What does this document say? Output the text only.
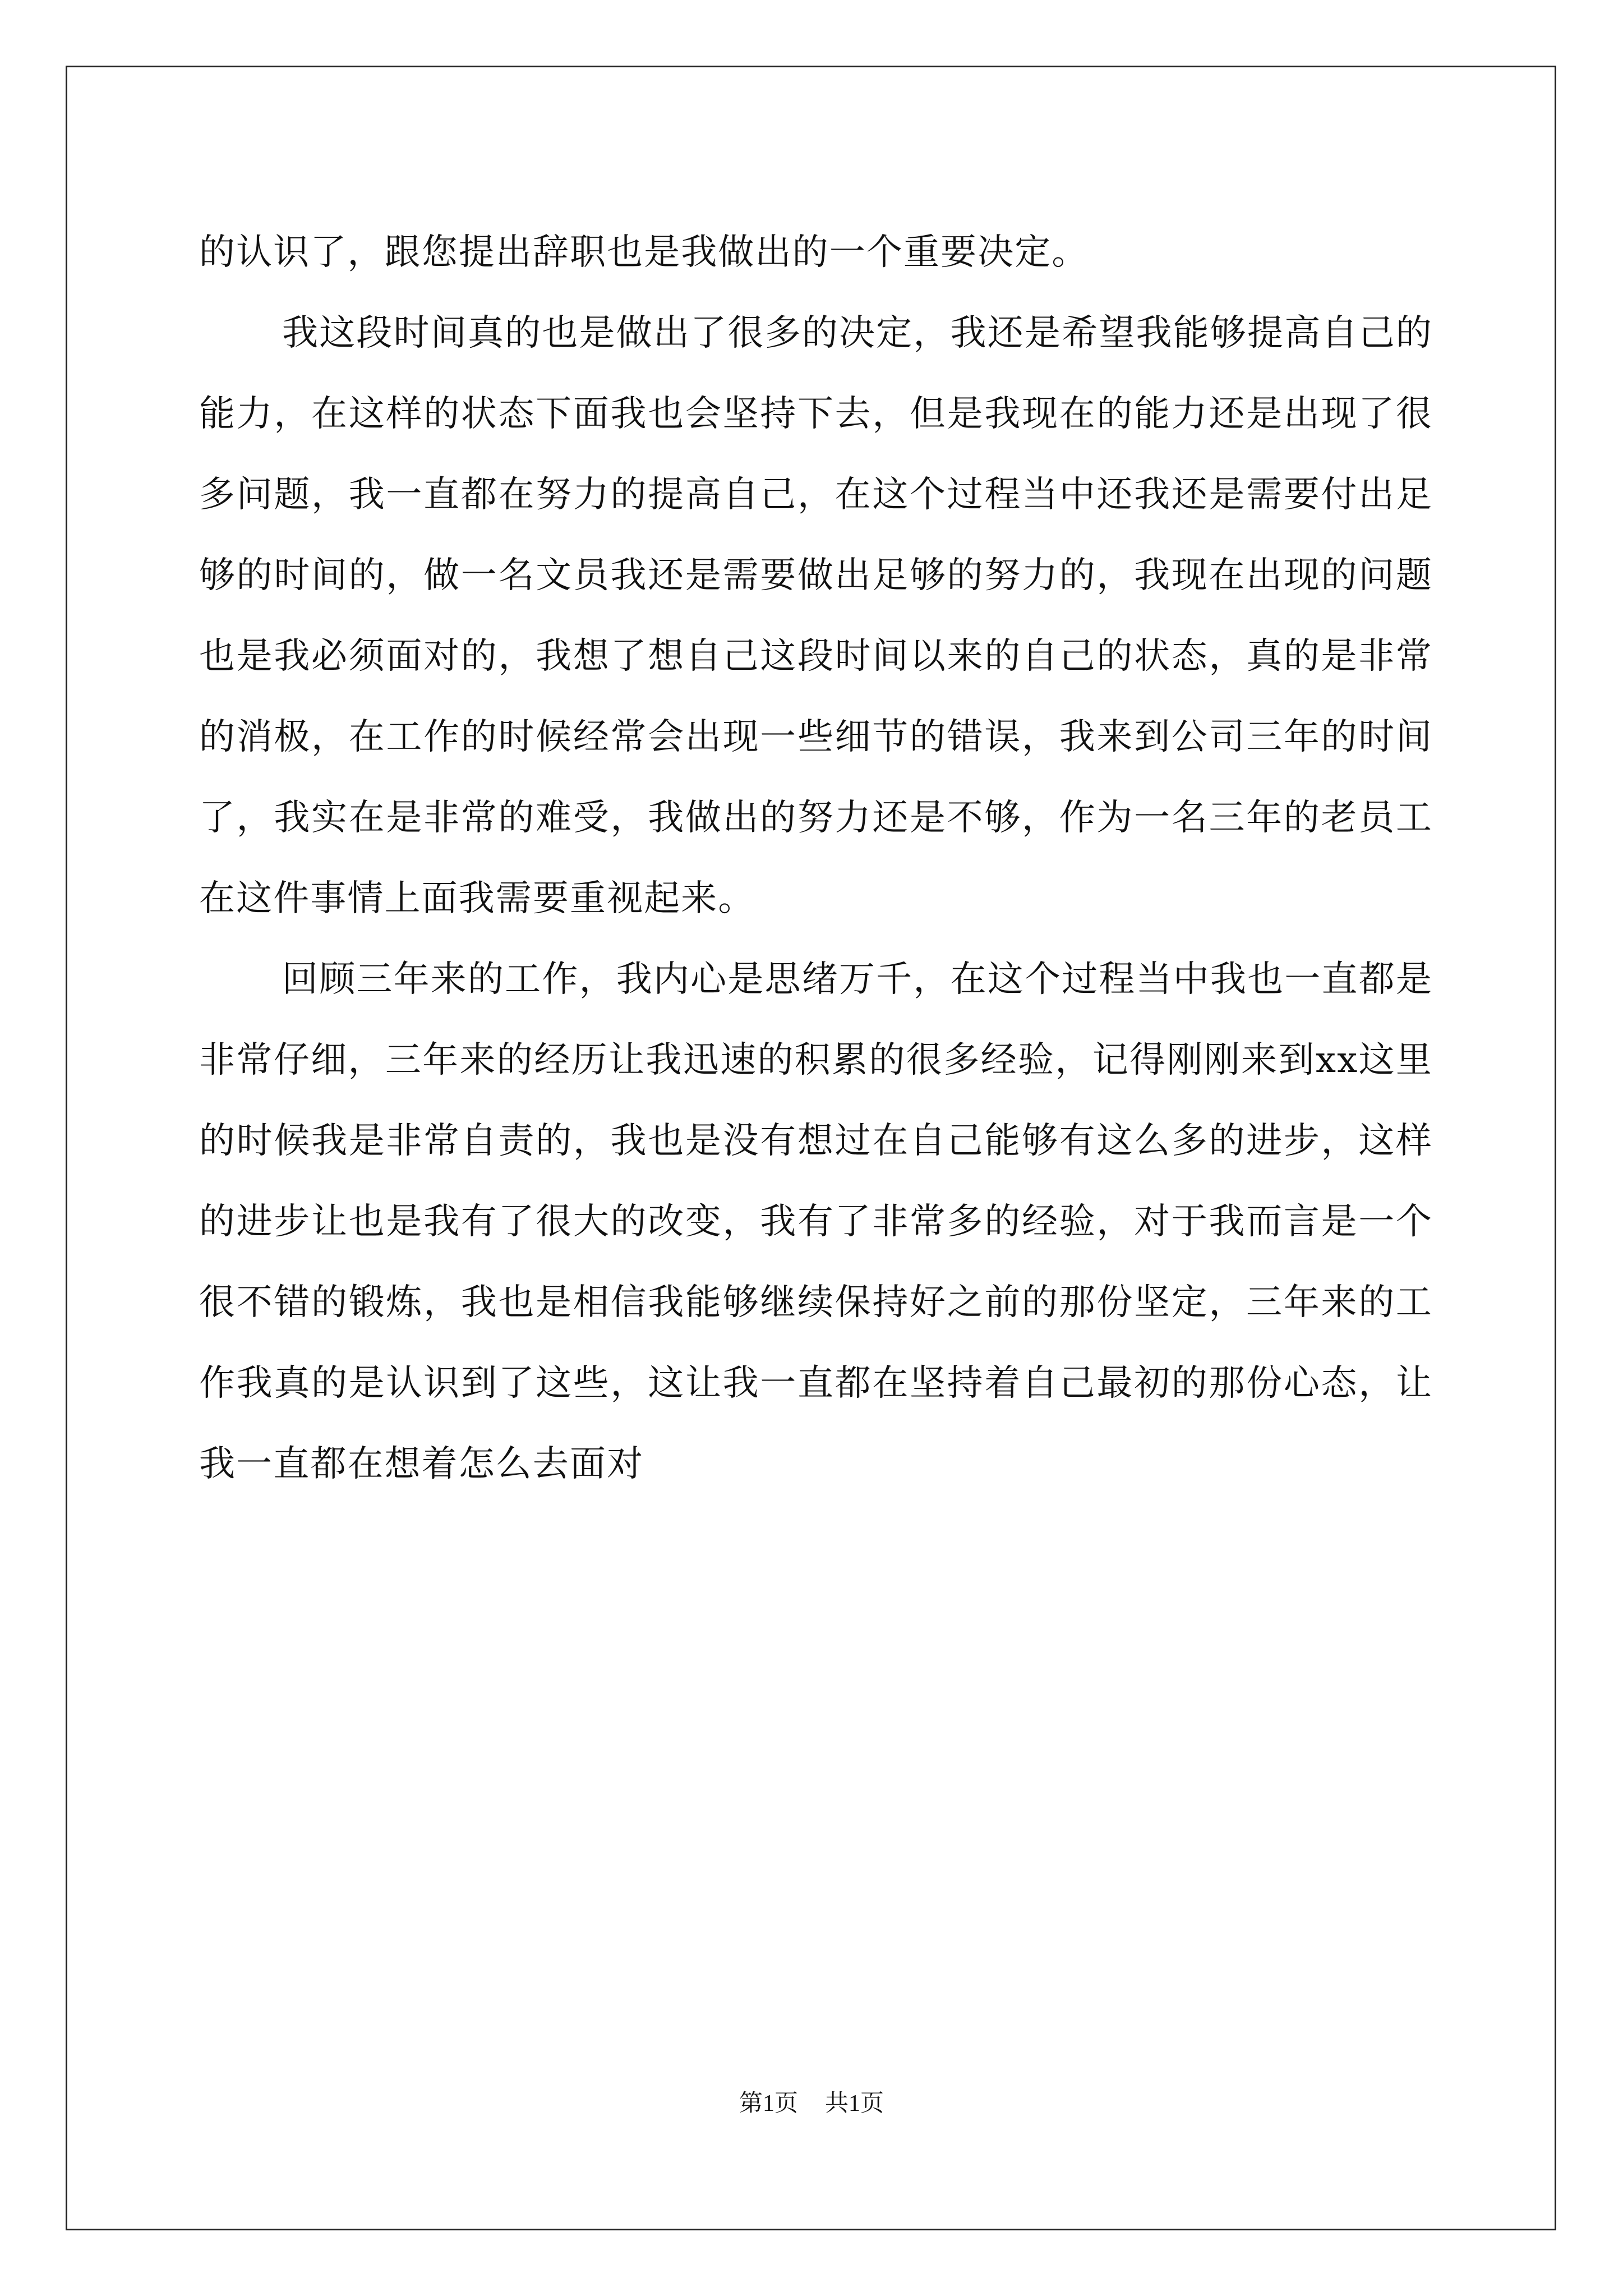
的认识了，跟您提出辞职也是我做出的一个重要决定。

我这段时间真的也是做出了很多的决定，我还是希望我能够提高自己的能力，在这样的状态下面我也会坚持下去，但是我现在的能力还是出现了很多问题，我一直都在努力的提高自己，在这个过程当中还我还是需要付出足够的时间的，做一名文员我还是需要做出足够的努力的，我现在出现的问题也是我必须面对的，我想了想自己这段时间以来的自己的状态，真的是非常的消极，在工作的时候经常会出现一些细节的错误，我来到公司三年的时间了，我实在是非常的难受，我做出的努力还是不够，作为一名三年的老员工在这件事情上面我需要重视起来。

回顾三年来的工作，我内心是思绪万千，在这个过程当中我也一直都是非常仔细，三年来的经历让我迅速的积累的很多经验，记得刚刚来到xx这里的时候我是非常自责的，我也是没有想过在自己能够有这么多的进步，这样的进步让也是我有了很大的改变，我有了非常多的经验，对于我而言是一个很不错的锻炼，我也是相信我能够继续保持好之前的那份坚定，三年来的工作我真的是认识到了这些，这让我一直都在坚持着自己最初的那份心态，让我一直都在想着怎么去面对

第1页 共1页
